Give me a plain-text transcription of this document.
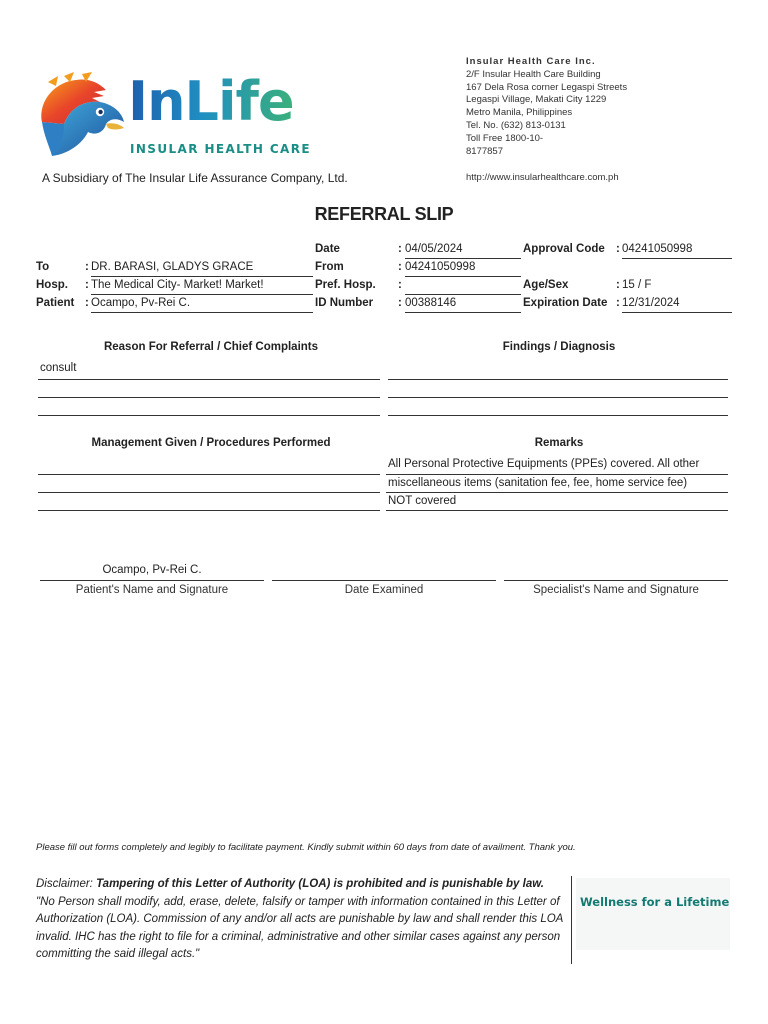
InLife
INSULAR HEALTH CARE
A Subsidiary of The Insular Life Assurance Company, Ltd.
Insular Health Care Inc.
2/F Insular Health Care Building
167 Dela Rosa corner Legaspi Streets
Legaspi Village, Makati City 1229
Metro Manila, Philippines
Tel. No. (632) 813-0131
Toll Free 1800-10-
8177857
http://www.insularhealthcare.com.ph
REFERRAL SLIP
To	: DR. BARASI, GLADYS GRACE
Hosp. : The Medical City- Market! Market!
Patient : Ocampo, Pv-Rei C.
Date	: 04/05/2024
From	: 04241050998
Pref. Hosp. :
ID Number : 00388146
Approval Code : 04241050998
Age/Sex	: 15 / F
Expiration Date : 12/31/2024
Reason For Referral / Chief Complaints	Findings / Diagnosis
consult
Management Given / Procedures Performed	Remarks
All Personal Protective Equipments (PPEs) covered. All other
miscellaneous items (sanitation fee, fee, home service fee)
NOT covered
Ocampo, Pv-Rei C.
Patient's Name and Signature	Date Examined	Specialist's Name and Signature
Please fill out forms completely and legibly to facilitate payment. Kindly submit within 60 days from date of availment. Thank you.
Disclaimer: Tampering of this Letter of Authority (LOA) is prohibited and is punishable by law.
"No Person shall modify, add, erase, delete, falsify or tamper with information contained in this Letter of Authorization (LOA). Commission of any and/or all acts are punishable by law and shall render this LOA invalid. IHC has the right to file for a criminal, administrative and other similar cases against any person committing the said illegal acts."
Wellness for a Lifetime
